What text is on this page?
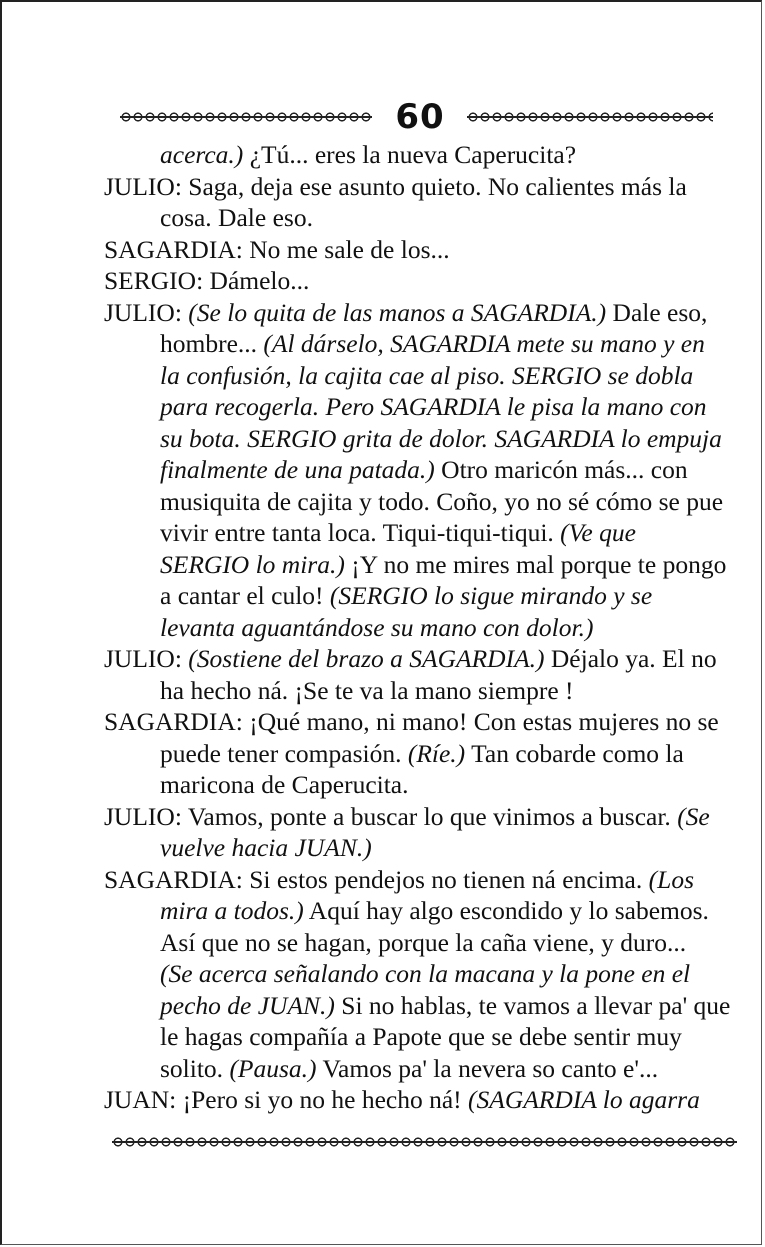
60
acerca.) ¿Tú... eres la nueva Caperucita?
JULIO: Saga, deja ese asunto quieto. No calientes más la
cosa. Dale eso.
SAGARDIA: No me sale de los...
SERGIO: Dámelo...
JULIO: (Se lo quita de las manos a SAGARDIA.) Dale eso,
hombre... (Al dárselo, SAGARDIA mete su mano y en
la confusión, la cajita cae al piso. SERGIO se dobla
para recogerla. Pero SAGARDIA le pisa la mano con
su bota. SERGIO grita de dolor. SAGARDIA lo empuja
finalmente de una patada.) Otro maricón más... con
musiquita de cajita y todo. Coño, yo no sé cómo se pue
vivir entre tanta loca. Tiqui-tiqui-tiqui. (Ve que
SERGIO lo mira.) ¡Y no me mires mal porque te pongo
a cantar el culo! (SERGIO lo sigue mirando y se
levanta aguantándose su mano con dolor.)
JULIO: (Sostiene del brazo a SAGARDIA.) Déjalo ya. El no
ha hecho ná. ¡Se te va la mano siempre !
SAGARDIA: ¡Qué mano, ni mano! Con estas mujeres no se
puede tener compasión. (Ríe.) Tan cobarde como la
maricona de Caperucita.
JULIO: Vamos, ponte a buscar lo que vinimos a buscar. (Se
vuelve hacia JUAN.)
SAGARDIA: Si estos pendejos no tienen ná encima. (Los
mira a todos.) Aquí hay algo escondido y lo sabemos.
Así que no se hagan, porque la caña viene, y duro...
(Se acerca señalando con la macana y la pone en el
pecho de JUAN.) Si no hablas, te vamos a llevar pa' que
le hagas compañía a Papote que se debe sentir muy
solito. (Pausa.) Vamos pa' la nevera so canto e'...
JUAN: ¡Pero si yo no he hecho ná! (SAGARDIA lo agarra
